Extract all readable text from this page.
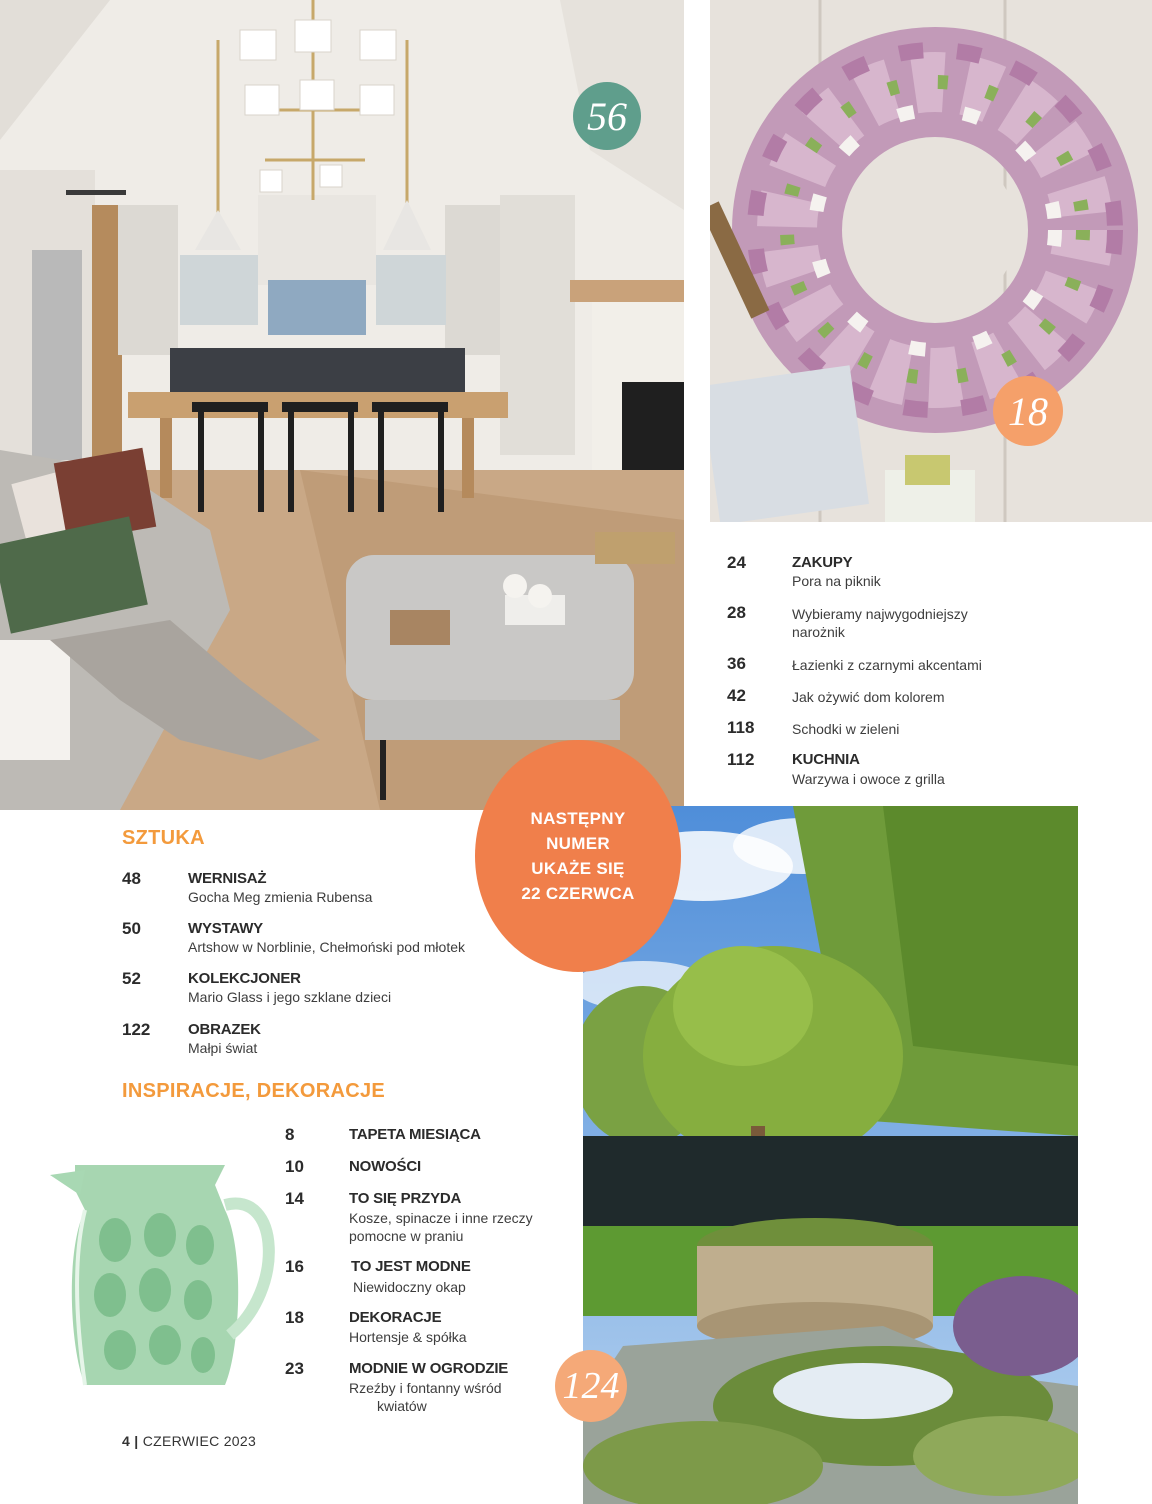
56
18
124
24	ZAKUPY
Pora na piknik
28	Wybieramy najwygodniejszy
narożnik
36	Łazienki z czarnymi akcentami
42	Jak ożywić dom kolorem
118	Schodki w zieleni
112	KUCHNIA
Warzywa i owoce z grilla
NASTĘPNY
NUMER
UKAŻE SIĘ
22 CZERWCA
SZTUKA
48	WERNISAŻ
Gocha Meg zmienia Rubensa
50	WYSTAWY
Artshow w Norblinie, Chełmoński pod młotek
52	KOLEKCJONER
Mario Glass i jego szklane dzieci
122	OBRAZEK
Małpi świat
INSPIRACJE, DEKORACJE
8	TAPETA MIESIĄCA
10	NOWOŚCI
14	TO SIĘ PRZYDA
Kosze, spinacze i inne rzeczy
pomocne w praniu
16	TO JEST MODNE
Niewidoczny okap
18	DEKORACJE
Hortensje & spółka
23	MODNIE W OGRODZIE
Rzeźby i fontanny wśród
kwiatów
4 | CZERWIEC 2023
